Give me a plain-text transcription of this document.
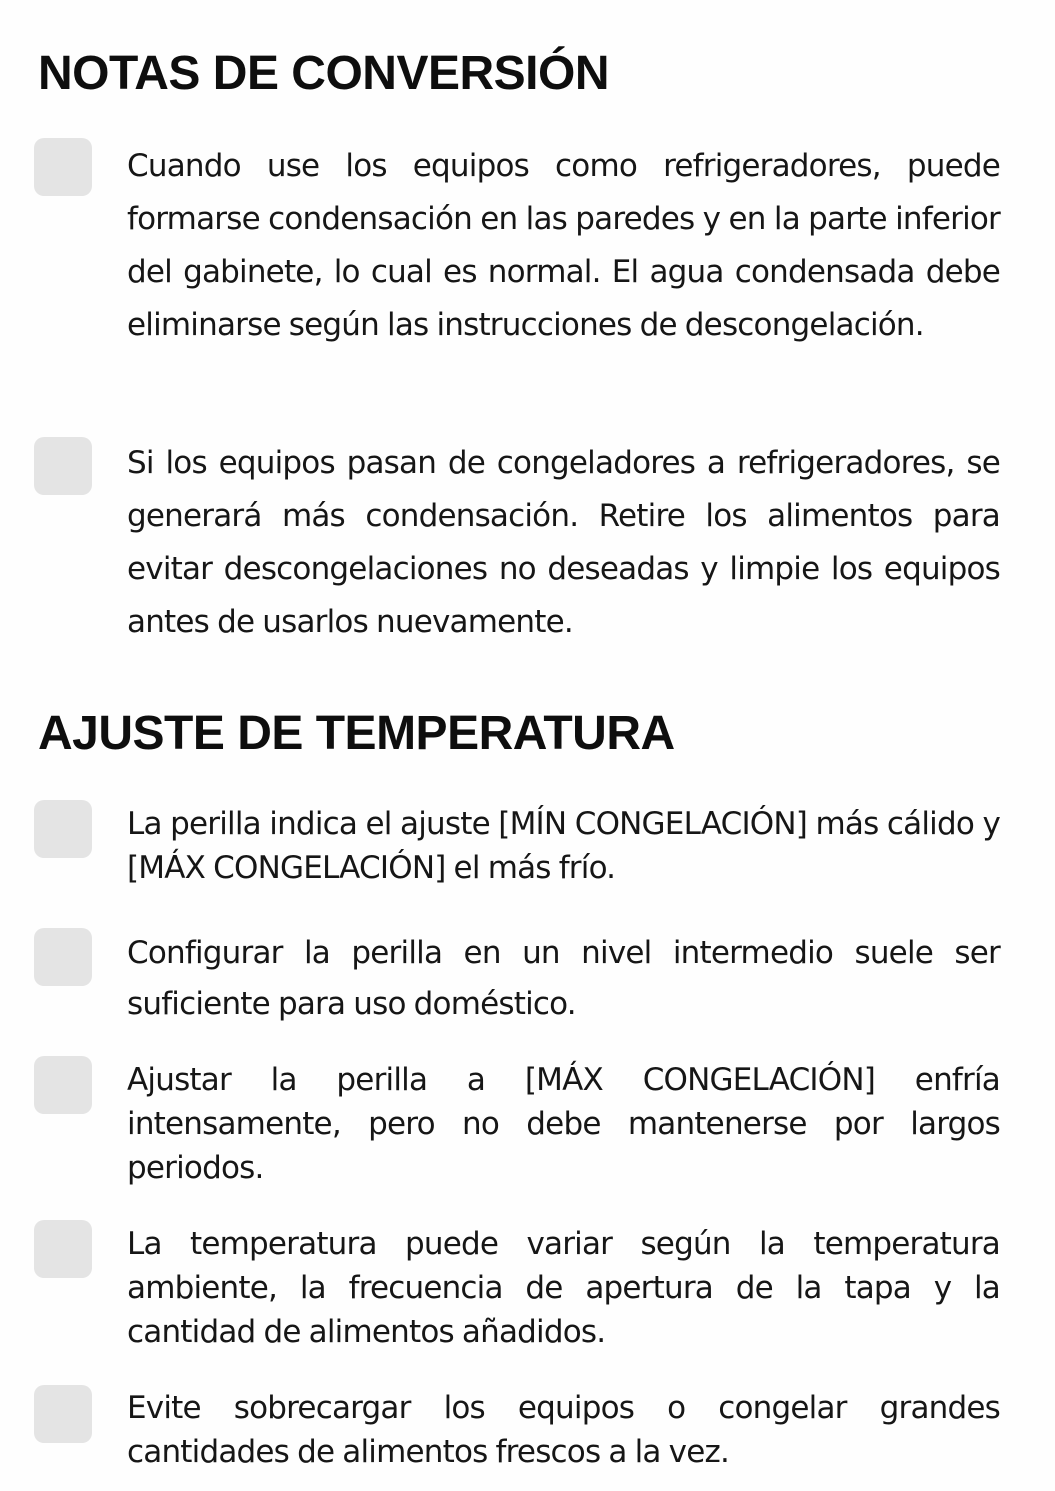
NOTAS DE CONVERSIÓN

Cuando use los equipos como refrigeradores, puede formarse condensación en las paredes y en la parte inferior del gabinete, lo cual es normal. El agua condensada debe eliminarse según las instrucciones de descongelación.

Si los equipos pasan de congeladores a refrigeradores, se generará más condensación. Retire los alimentos para evitar descongelaciones no deseadas y limpie los equipos antes de usarlos nuevamente.

AJUSTE DE TEMPERATURA

La perilla indica el ajuste [MÍN CONGELACIÓN] más cálido y [MÁX CONGELACIÓN] el más frío.

Configurar la perilla en un nivel intermedio suele ser suficiente para uso doméstico.

Ajustar la perilla a [MÁX CONGELACIÓN] enfría intensamente, pero no debe mantenerse por largos periodos.

La temperatura puede variar según la temperatura ambiente, la frecuencia de apertura de la tapa y la cantidad de alimentos añadidos.

Evite sobrecargar los equipos o congelar grandes cantidades de alimentos frescos a la vez.
